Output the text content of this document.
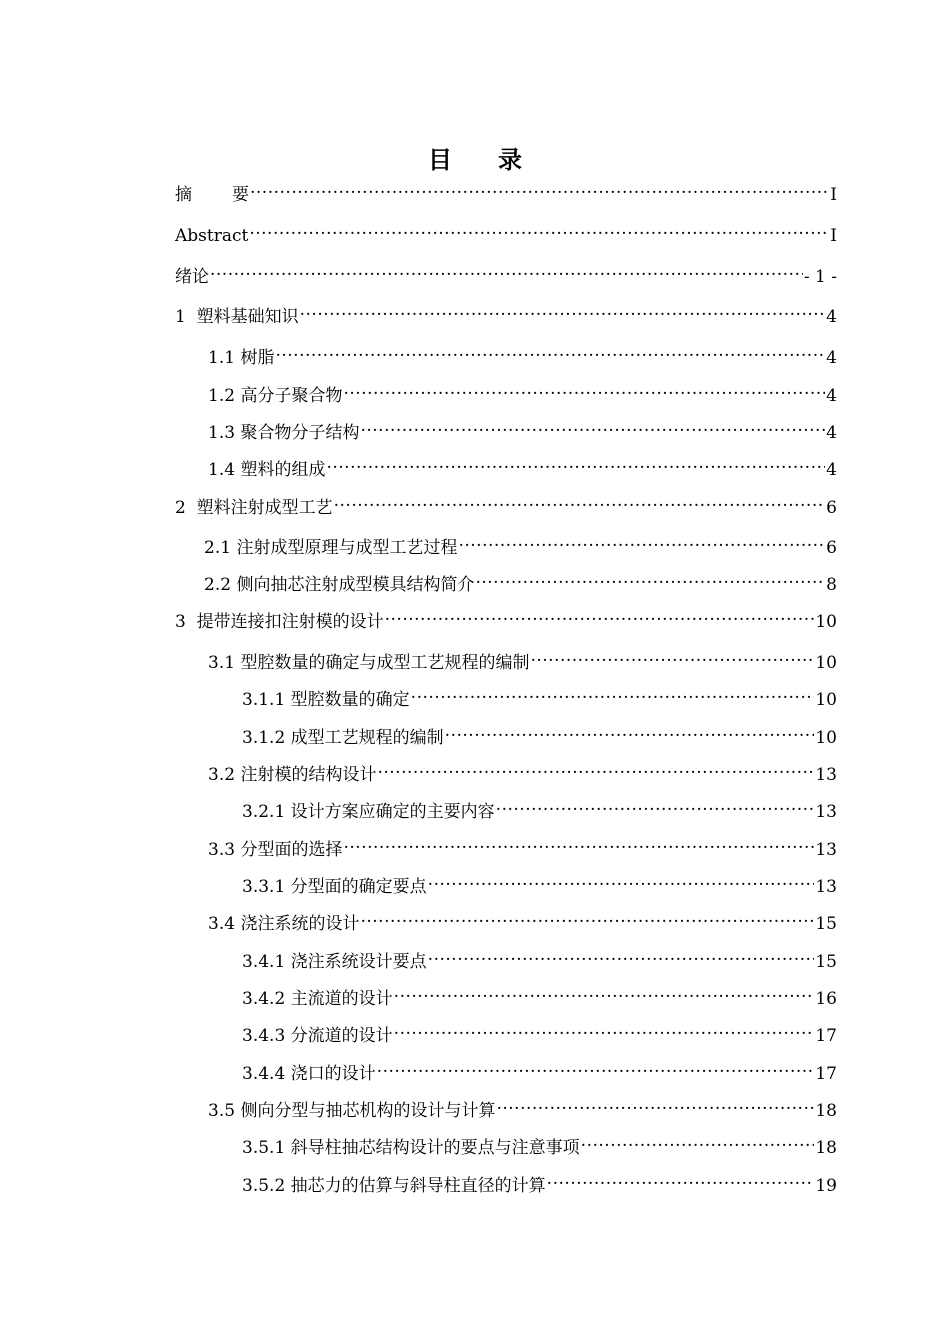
目 录
摘 要 .....	I
Abstract .....	I
绪论 .....	- 1 -
1  塑料基础知识 .....	4
1.1 树脂 .....	4
1.2 高分子聚合物 .....	4
1.3 聚合物分子结构 .....	4
1.4 塑料的组成 .....	4
2  塑料注射成型工艺 .....	6
2.1 注射成型原理与成型工艺过程 .....	6
2.2 侧向抽芯注射成型模具结构简介 .....	8
3  提带连接扣注射模的设计 .....	10
3.1 型腔数量的确定与成型工艺规程的编制 .....	10
3.1.1 型腔数量的确定 .....	10
3.1.2 成型工艺规程的编制 .....	10
3.2 注射模的结构设计 .....	13
3.2.1 设计方案应确定的主要内容 .....	13
3.3 分型面的选择 .....	13
3.3.1 分型面的确定要点 .....	13
3.4 浇注系统的设计 .....	15
3.4.1 浇注系统设计要点 .....	15
3.4.2 主流道的设计 .....	16
3.4.3 分流道的设计 .....	17
3.4.4 浇口的设计 .....	17
3.5 侧向分型与抽芯机构的设计与计算 .....	18
3.5.1 斜导柱抽芯结构设计的要点与注意事项 .....	18
3.5.2 抽芯力的估算与斜导柱直径的计算 .....	19
